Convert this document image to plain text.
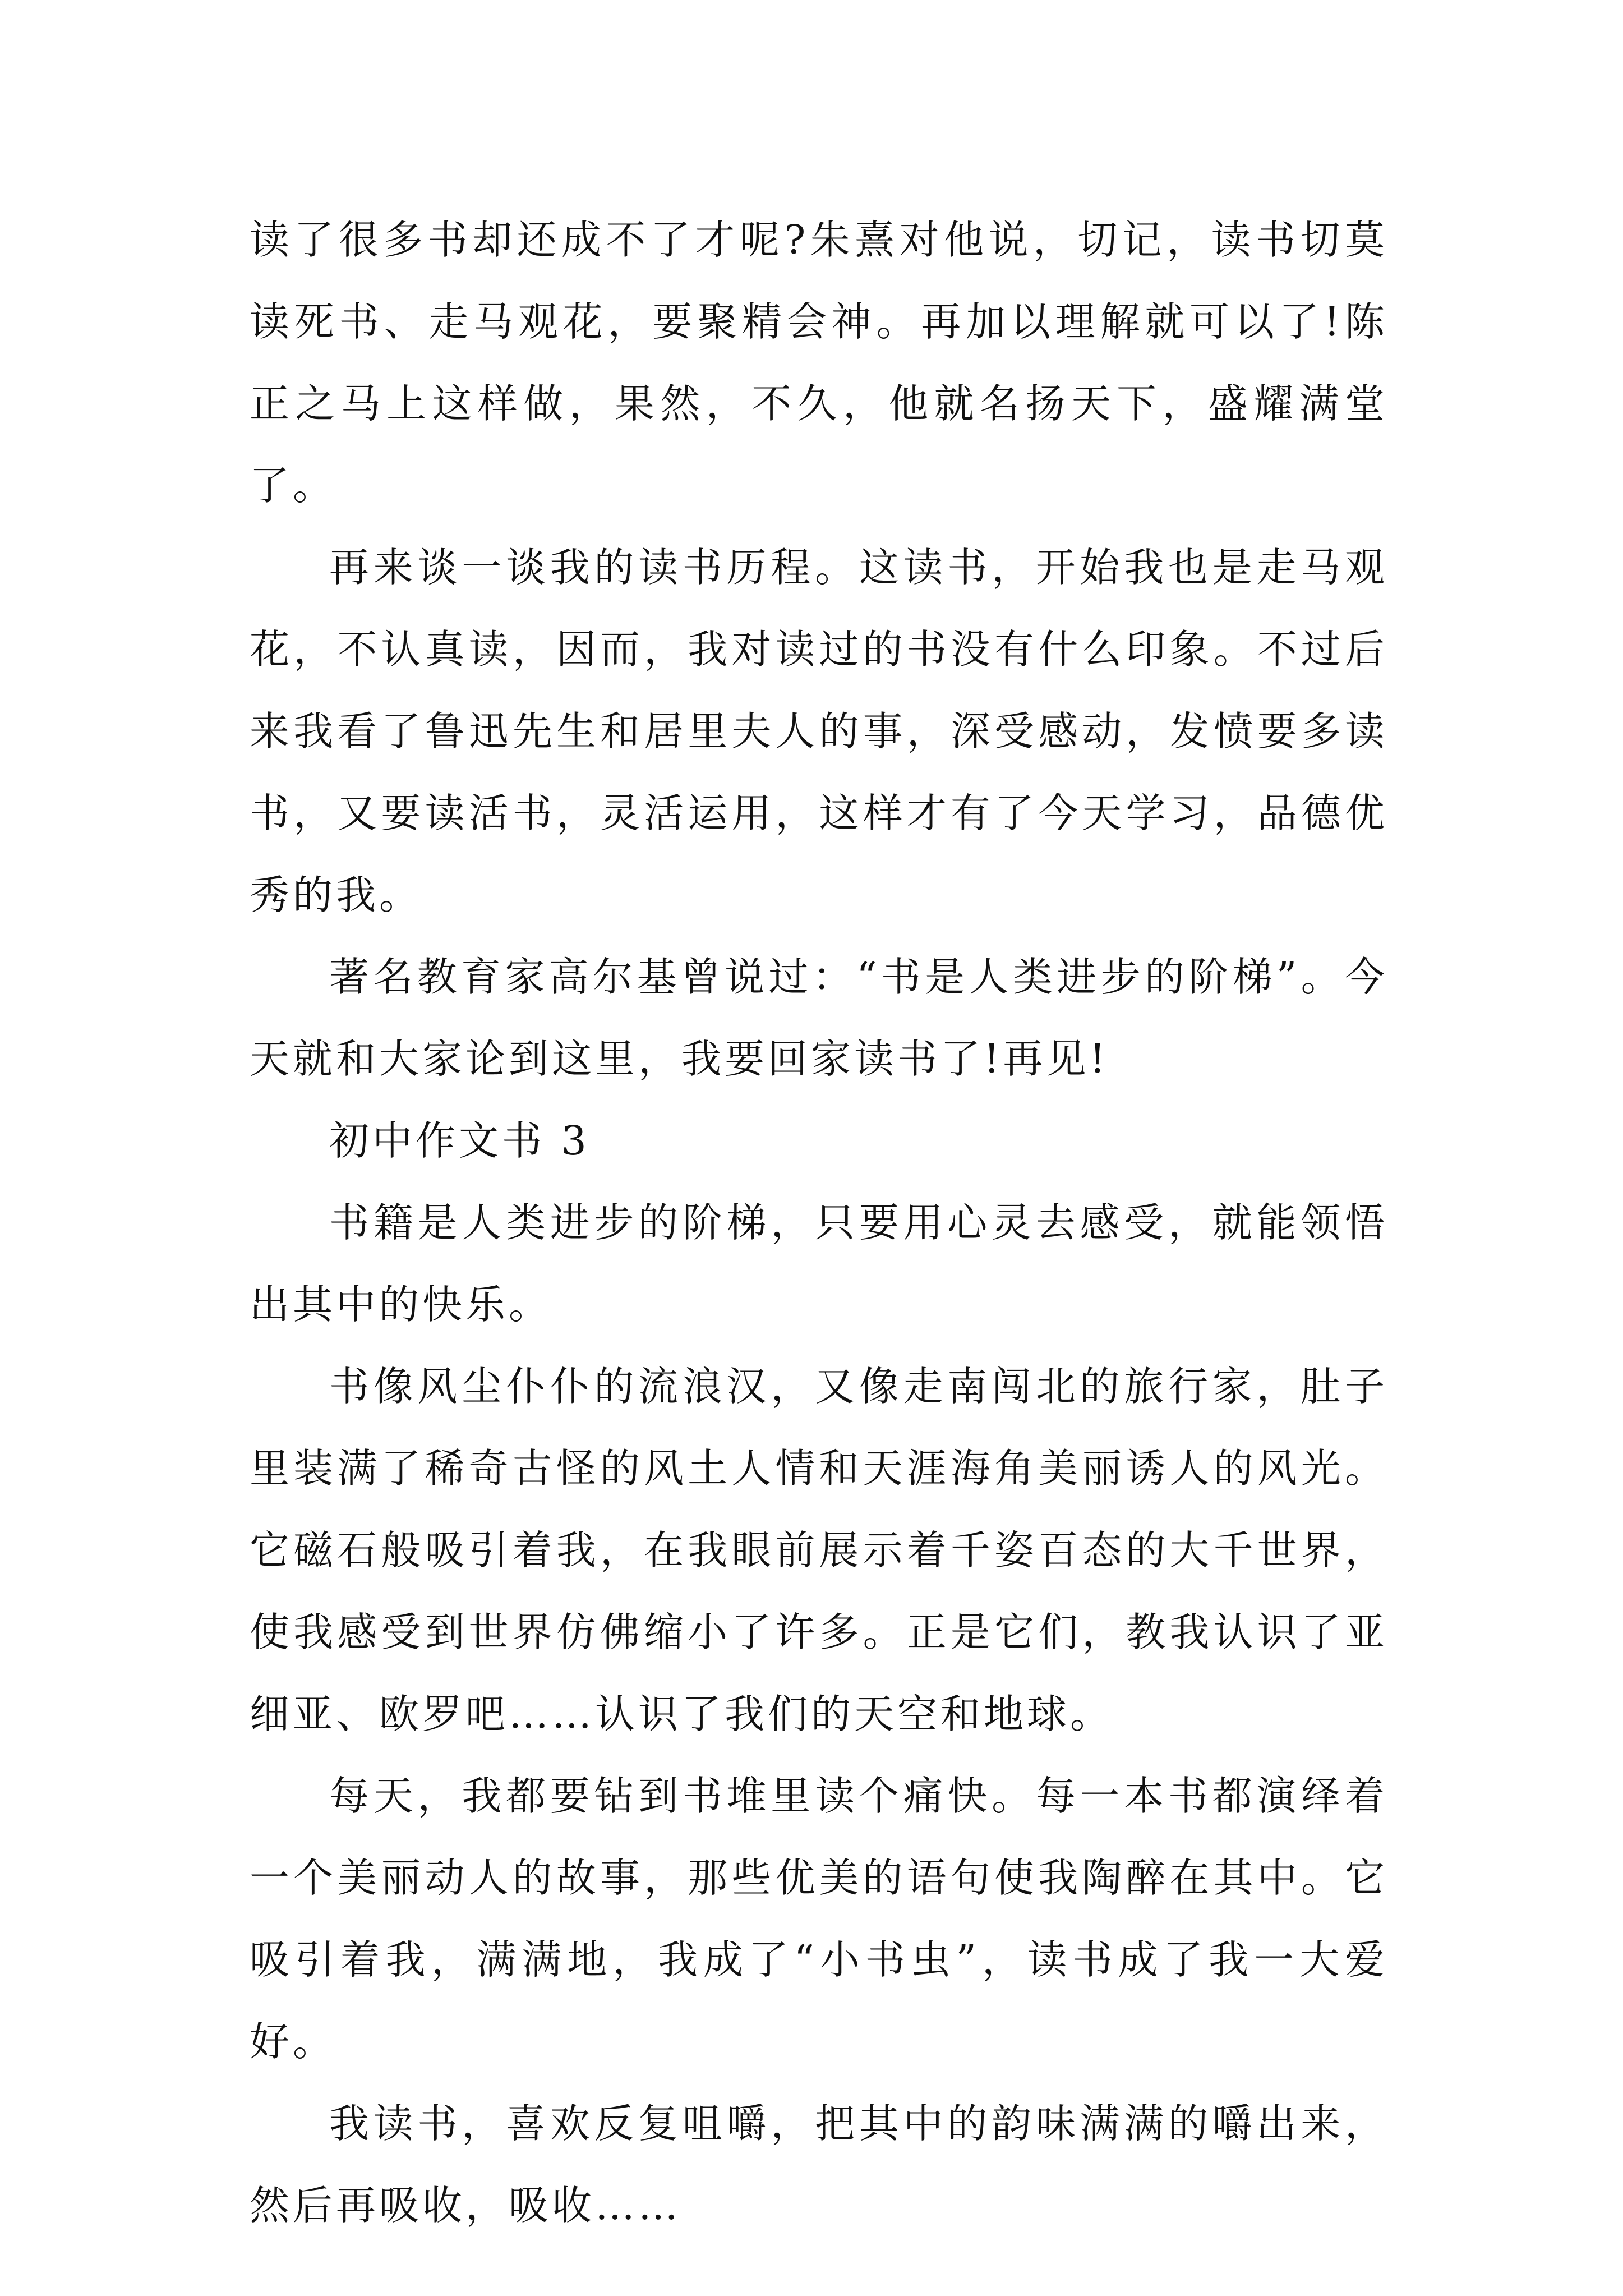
读了很多书却还成不了才呢?朱熹对他说，切记，读书切莫读死书、走马观花，要聚精会神。再加以理解就可以了!陈正之马上这样做，果然，不久，他就名扬天下，盛耀满堂了。

再来谈一谈我的读书历程。这读书，开始我也是走马观花，不认真读，因而，我对读过的书没有什么印象。不过后来我看了鲁迅先生和居里夫人的事，深受感动，发愤要多读书，又要读活书，灵活运用，这样才有了今天学习，品德优秀的我。

著名教育家高尔基曾说过：“书是人类进步的阶梯”。今天就和大家论到这里，我要回家读书了!再见!

初中作文书 3

书籍是人类进步的阶梯，只要用心灵去感受，就能领悟出其中的快乐。

书像风尘仆仆的流浪汉，又像走南闯北的旅行家，肚子里装满了稀奇古怪的风土人情和天涯海角美丽诱人的风光。它磁石般吸引着我，在我眼前展示着千姿百态的大千世界，使我感受到世界仿佛缩小了许多。正是它们，教我认识了亚细亚、欧罗吧……认识了我们的天空和地球。

每天，我都要钻到书堆里读个痛快。每一本书都演绎着一个美丽动人的故事，那些优美的语句使我陶醉在其中。它吸引着我，满满地，我成了“小书虫”，读书成了我一大爱好。

我读书，喜欢反复咀嚼，把其中的韵味满满的嚼出来，然后再吸收，吸收……
